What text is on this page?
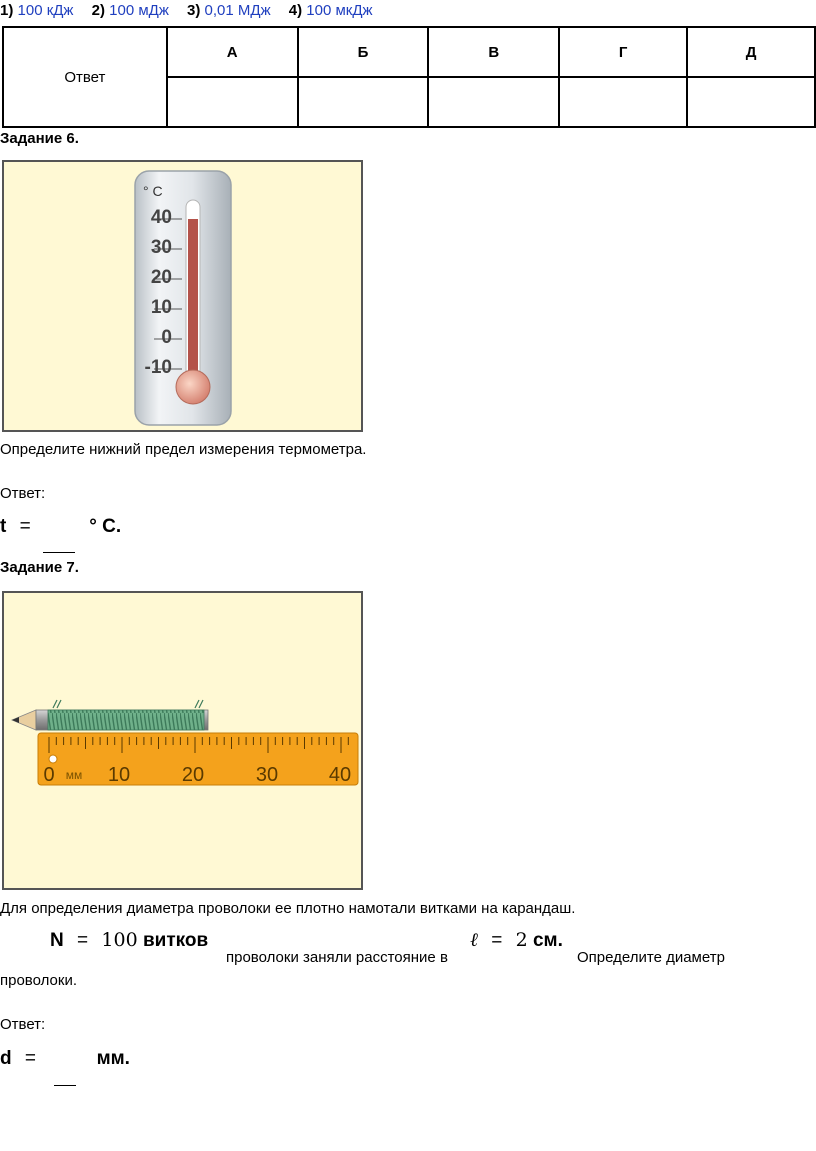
1) 100 кДж 2) 100 мДж 3) 0,01 МДж 4) 100 мкДж
Ответ	А	Б	В	Г	Д

Задание 6.
° С
40
30
20
10
0
-10
Определите нижний предел измерения термометра.
Ответ:
t =	° С.
Задание 7.
0	10	20	30	40
мм
Для определения диаметра проволоки ее плотно намотали витками на карандаш.
N = 100 витков
проволоки заняли расстояние в
ℓ = 2 см.
Определите диаметр
проволоки.
Ответ:
d =	мм.
